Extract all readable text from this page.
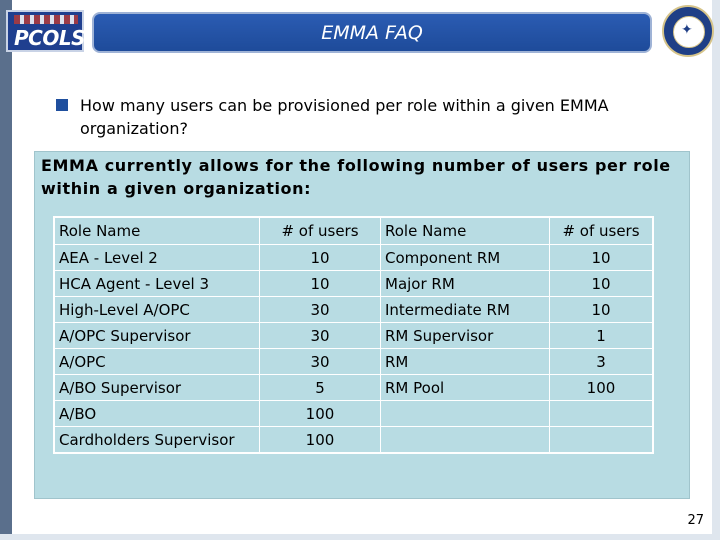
PCOLS	EMMA FAQ	✦
How many users can be provisioned per role within a given EMMA organization?
EMMA currently allows for the following number of users per role within a given organization:
Role Name	# of users	Role Name	# of users
AEA - Level 2	10	Component RM	10
HCA Agent - Level 3	10	Major RM	10
High-Level A/OPC	30	Intermediate RM	10
A/OPC Supervisor	30	RM Supervisor	1
A/OPC	30	RM	3
A/BO Supervisor	5	RM Pool	100
A/BO	100		
Cardholders Supervisor	100		
27
